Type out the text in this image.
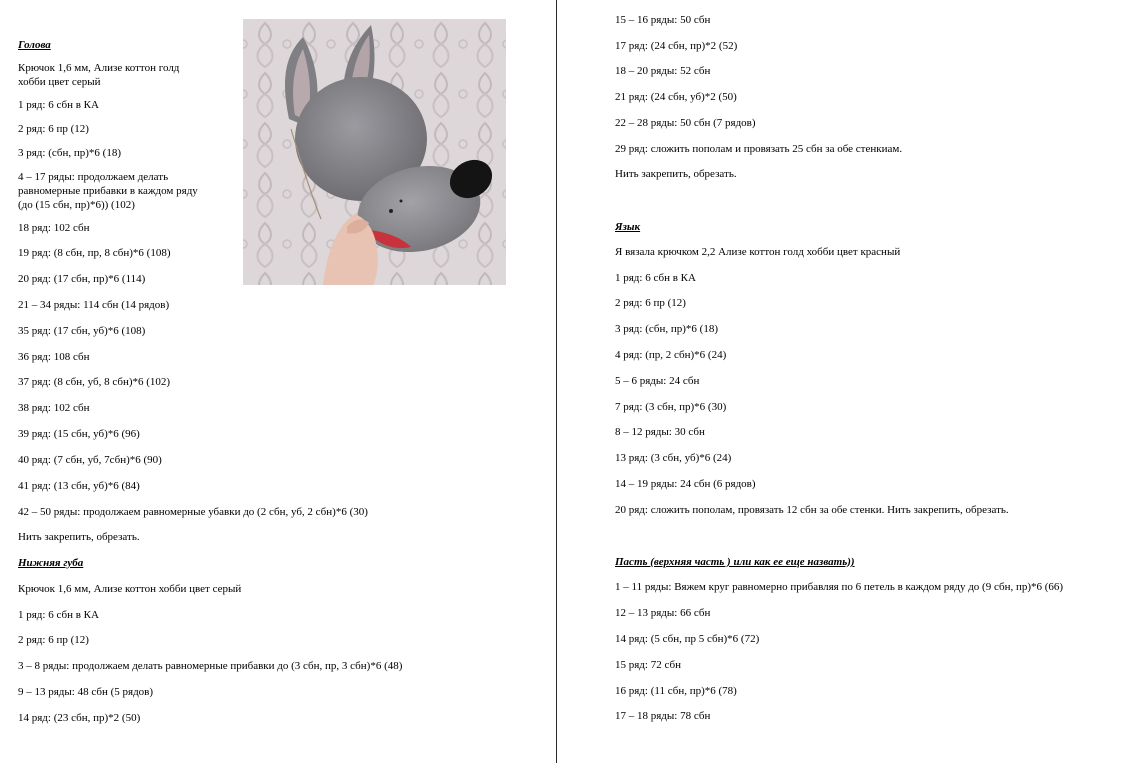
Голова
Крючок 1,6 мм, Ализе коттон голд
хобби цвет серый
1 ряд: 6 сбн в КА
2 ряд: 6 пр (12)
3 ряд: (сбн, пр)*6 (18)
4 – 17 ряды: продолжаем делать
равномерные прибавки в каждом ряду
(до (15 сбн, пр)*6)) (102)
18 ряд: 102 сбн
19 ряд: (8 сбн, пр, 8 сбн)*6 (108)
20 ряд: (17 сбн, пр)*6 (114)
21 – 34 ряды: 114 сбн (14 рядов)
35 ряд: (17 сбн, уб)*6 (108)
36 ряд: 108 сбн
37 ряд: (8 сбн, уб, 8 сбн)*6 (102)
38 ряд: 102 сбн
39 ряд: (15 сбн, уб)*6 (96)
40 ряд: (7 сбн, уб, 7сбн)*6 (90)
41 ряд: (13 сбн, уб)*6 (84)
42 – 50 ряды: продолжаем равномерные убавки до (2 сбн, уб, 2 сбн)*6 (30)
Нить закрепить, обрезать.
Нижняя губа
Крючок 1,6 мм, Ализе коттон хобби цвет серый
1 ряд: 6 сбн в КА
2 ряд: 6 пр (12)
3 – 8 ряды: продолжаем делать равномерные прибавки до (3 сбн, пр, 3 сбн)*6 (48)
9 – 13 ряды: 48 сбн (5 рядов)
14 ряд: (23 сбн, пр)*2 (50)
15 – 16 ряды: 50 сбн
17 ряд: (24 сбн, пр)*2 (52)
18 – 20 ряды: 52 сбн
21 ряд: (24 сбн, уб)*2 (50)
22 – 28 ряды: 50 сбн (7 рядов)
29 ряд: сложить пополам и провязать 25 сбн за обе стенкиам.
Нить закрепить, обрезать.
Язык
Я вязала крючком 2,2 Ализе коттон голд хобби цвет красный
1 ряд: 6 сбн в КА
2 ряд: 6 пр (12)
3 ряд: (сбн, пр)*6 (18)
4 ряд: (пр, 2 сбн)*6 (24)
5 – 6 ряды: 24 сбн
7 ряд: (3 сбн, пр)*6 (30)
8 – 12 ряды: 30 сбн
13 ряд: (3 сбн, уб)*6 (24)
14 – 19 ряды: 24 сбн (6 рядов)
20 ряд: сложить пополам, провязать 12 сбн за обе стенки. Нить закрепить, обрезать.
Пасть (верхняя часть ) или как ее еще назвать))
1 – 11 ряды: Вяжем круг равномерно прибавляя по 6 петель в каждом ряду до (9 сбн, пр)*6 (66)
12 – 13 ряды: 66 сбн
14 ряд: (5 сбн, пр 5 сбн)*6 (72)
15 ряд: 72 сбн
16 ряд: (11 сбн, пр)*6 (78)
17 – 18 ряды: 78 сбн
